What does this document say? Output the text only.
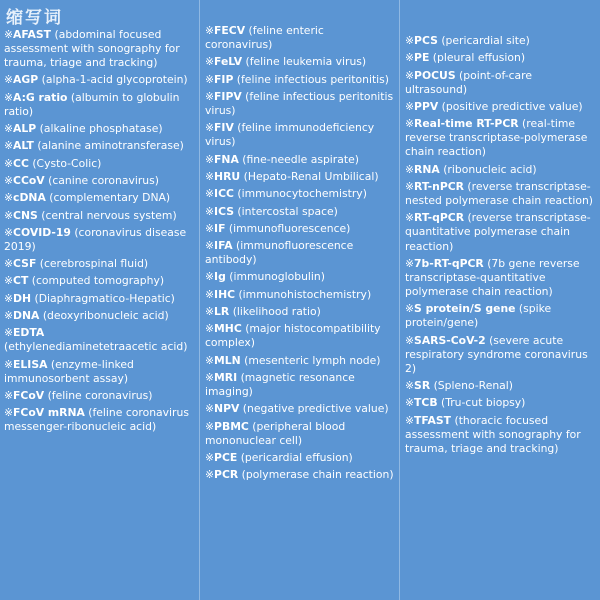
缩写词
※AFAST (abdominal focused assessment with sonography for trauma, triage and tracking)
※AGP (alpha-1-acid glycoprotein)
※A:G ratio (albumin to globulin ratio)
※ALP (alkaline phosphatase)
※ALT (alanine aminotransferase)
※CC (Cysto-Colic)
※CCoV (canine coronavirus)
※cDNA (complementary DNA)
※CNS (central nervous system)
※COVID-19 (coronavirus disease 2019)
※CSF (cerebrospinal fluid)
※CT (computed tomography)
※DH (Diaphragmatico-Hepatic)
※DNA (deoxyribonucleic acid)
※EDTA (ethylenediaminetetraacetic acid)
※ELISA (enzyme-linked immunosorbent assay)
※FCoV (feline coronavirus)
※FCoV mRNA (feline coronavirus messenger-ribonucleic acid)
※FECV (feline enteric coronavirus)
※FeLV (feline leukemia virus)
※FIP (feline infectious peritonitis)
※FIPV (feline infectious peritonitis virus)
※FIV (feline immunodeficiency virus)
※FNA (fine-needle aspirate)
※HRU (Hepato-Renal Umbilical)
※ICC (immunocytochemistry)
※ICS (intercostal space)
※IF (immunofluorescence)
※IFA (immunofluorescence antibody)
※Ig (immunoglobulin)
※IHC (immunohistochemistry)
※LR (likelihood ratio)
※MHC (major histocompatibility complex)
※MLN (mesenteric lymph node)
※MRI (magnetic resonance imaging)
※NPV (negative predictive value)
※PBMC (peripheral blood mononuclear cell)
※PCE (pericardial effusion)
※PCR (polymerase chain reaction)
※PCS (pericardial site)
※PE (pleural effusion)
※POCUS (point-of-care ultrasound)
※PPV (positive predictive value)
※Real-time RT-PCR (real-time reverse transcriptase-polymerase chain reaction)
※RNA (ribonucleic acid)
※RT-nPCR (reverse transcriptase-nested polymerase chain reaction)
※RT-qPCR (reverse transcriptase- quantitative polymerase chain reaction)
※7b-RT-qPCR (7b gene reverse transcriptase-quantitative polymerase chain reaction)
※S protein/S gene (spike protein/gene)
※SARS-CoV-2 (severe acute respiratory syndrome coronavirus 2)
※SR (Spleno-Renal)
※TCB (Tru-cut biopsy)
※TFAST (thoracic focused assessment with sonography for trauma, triage and tracking)
